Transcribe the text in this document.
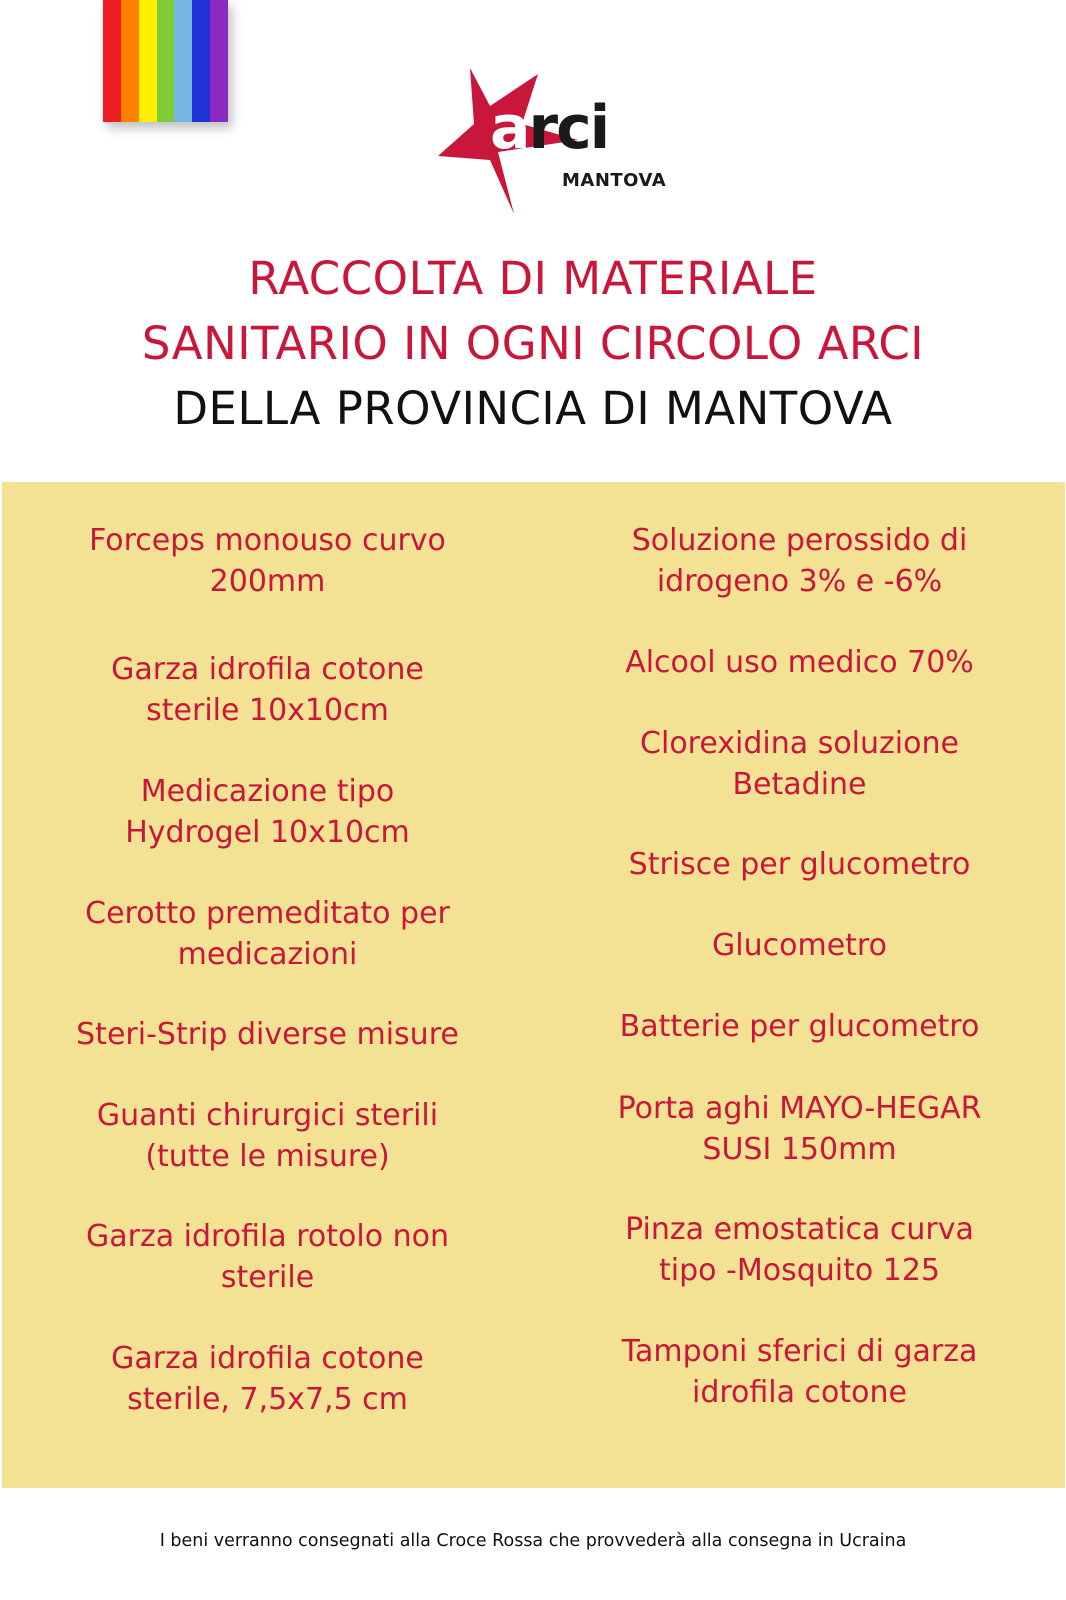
arci
MANTOVA
RACCOLTA DI MATERIALE
SANITARIO IN OGNI CIRCOLO ARCI
DELLA PROVINCIA DI MANTOVA
Forceps monouso curvo
200mm
Garza idrofila cotone
sterile 10x10cm
Medicazione tipo
Hydrogel 10x10cm
Cerotto premeditato per
medicazioni
Steri-Strip diverse misure
Guanti chirurgici sterili
(tutte le misure)
Garza idrofila rotolo non
sterile
Garza idrofila cotone
sterile, 7,5x7,5 cm
Soluzione perossido di
idrogeno 3% e -6%
Alcool uso medico 70%
Clorexidina soluzione
Betadine
Strisce per glucometro
Glucometro
Batterie per glucometro
Porta aghi MAYO-HEGAR
SUSI 150mm
Pinza emostatica curva
tipo -Mosquito 125
Tamponi sferici di garza
idrofila cotone
I beni verranno consegnati alla Croce Rossa che provvederà alla consegna in Ucraina
